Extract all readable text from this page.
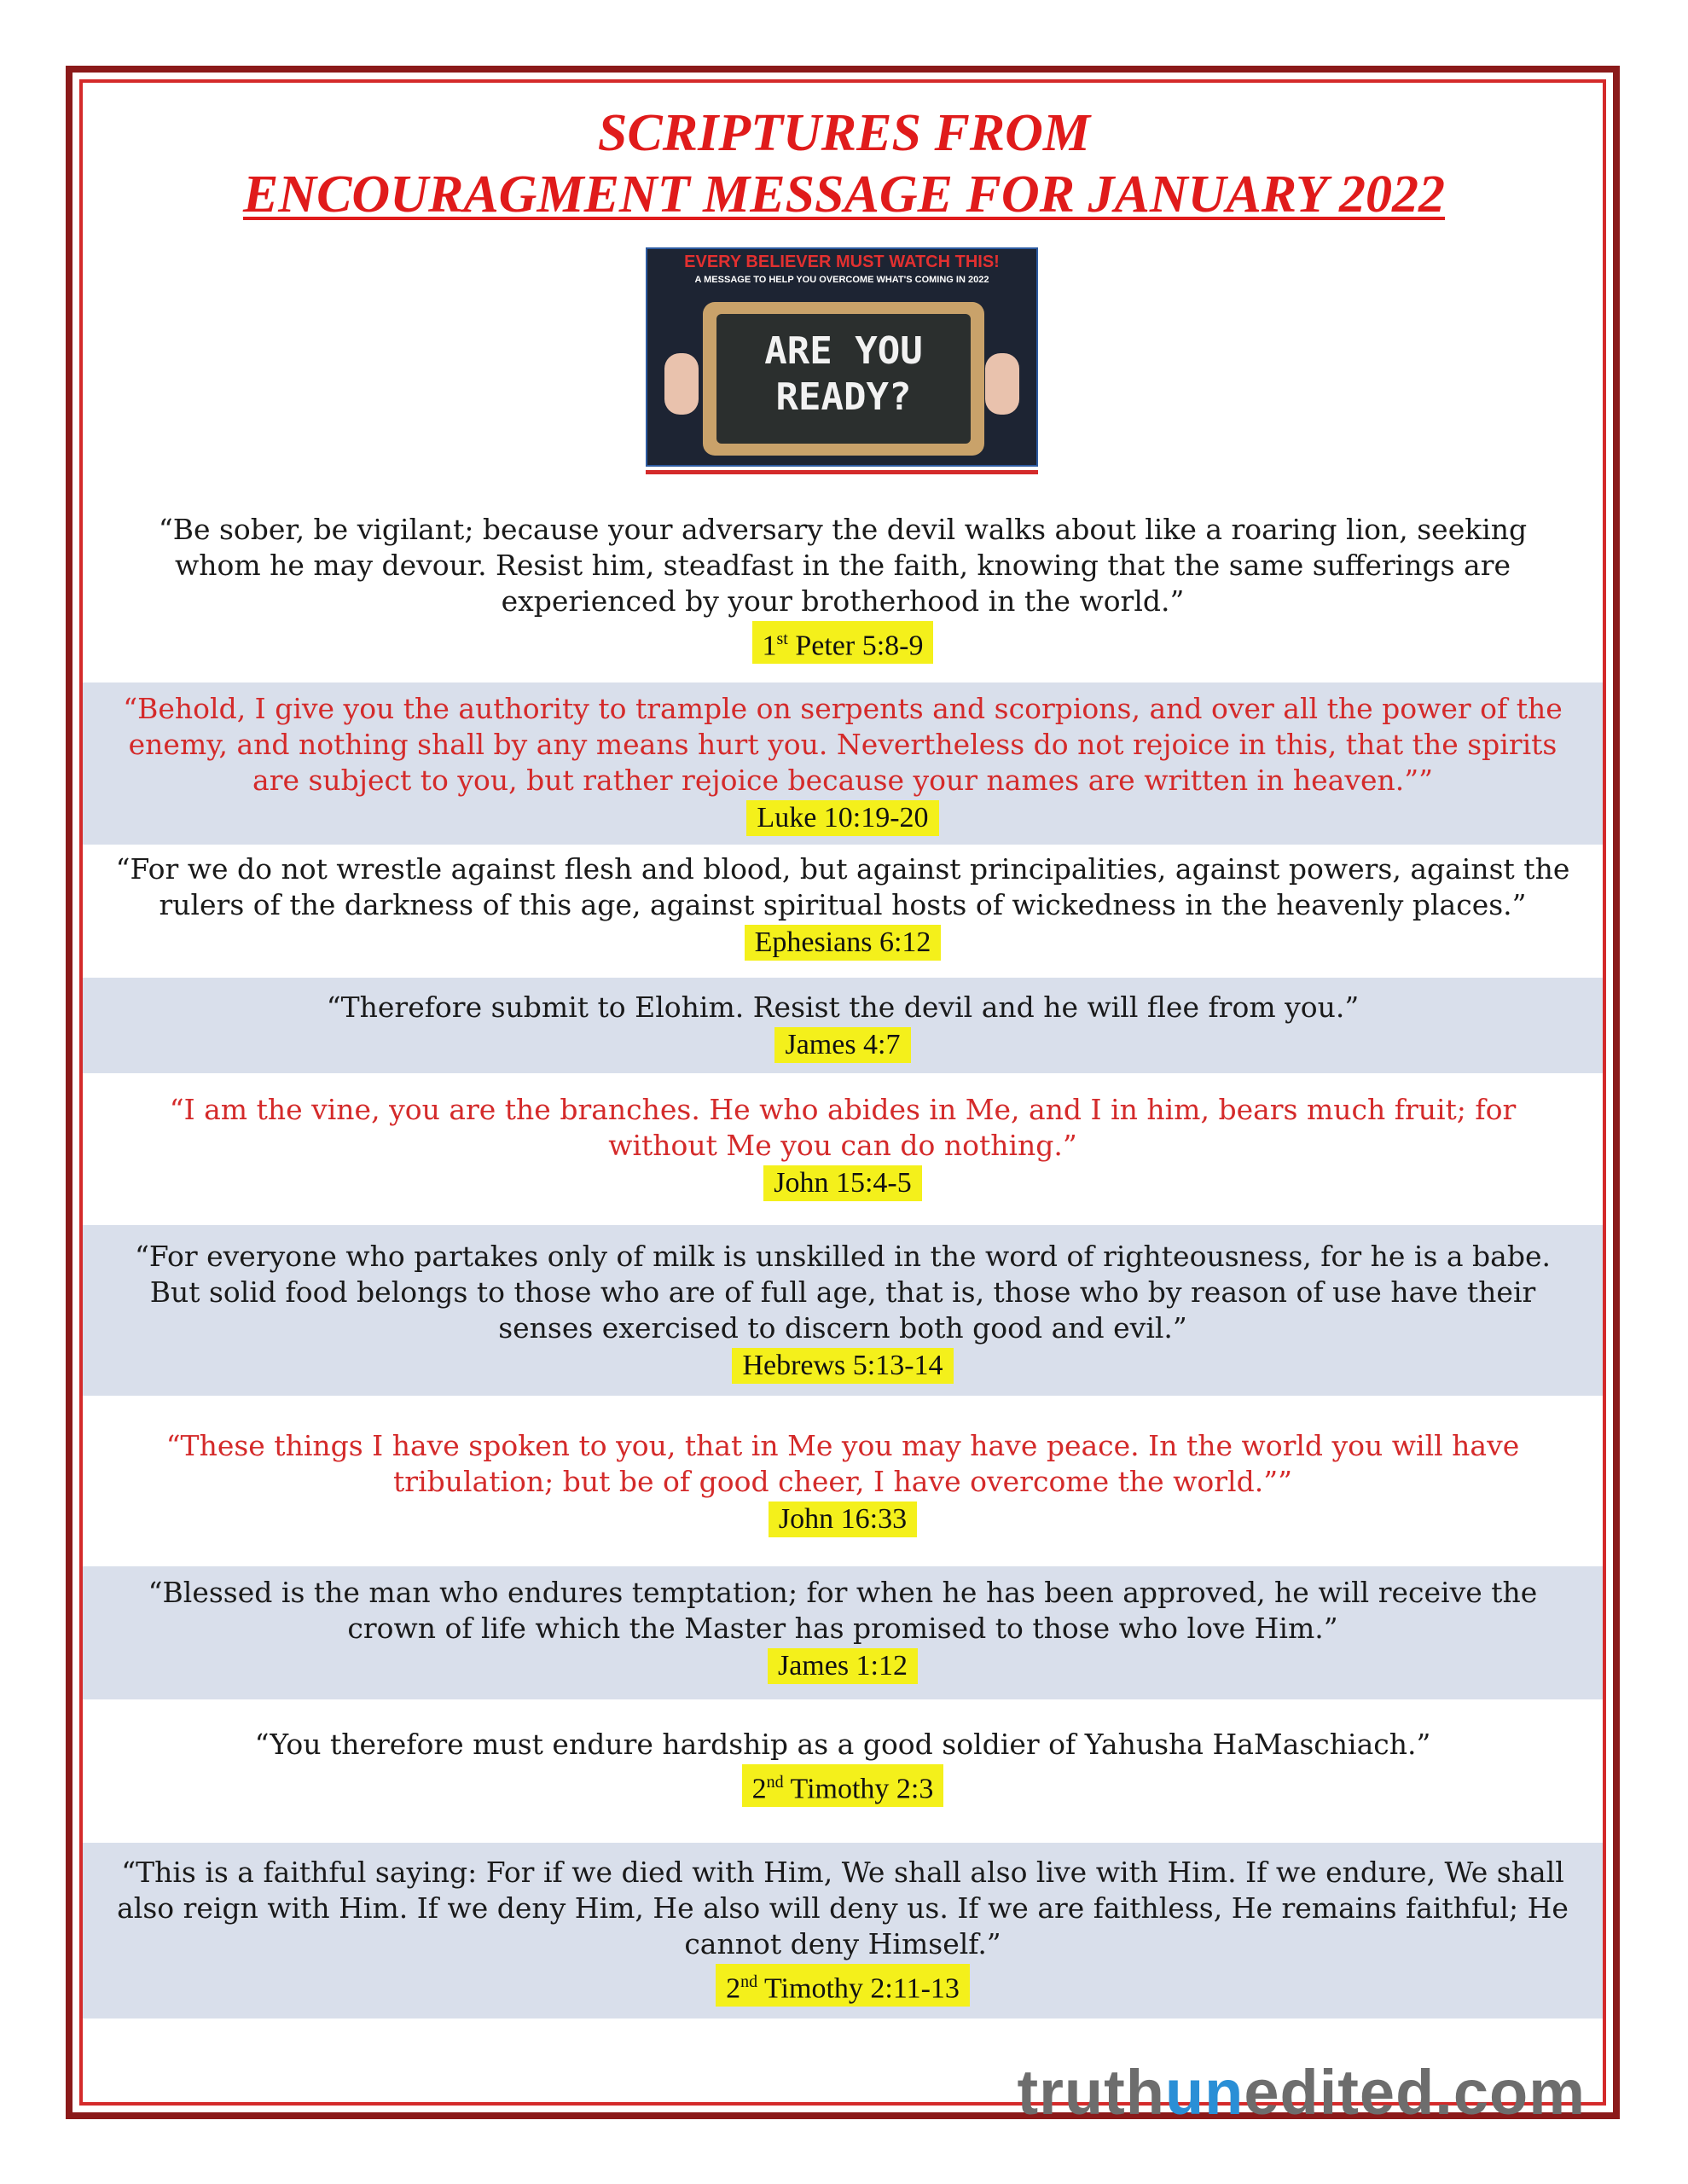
SCRIPTURES FROM
ENCOURAGMENT MESSAGE FOR JANUARY 2022
EVERY BELIEVER MUST WATCH THIS!
A MESSAGE TO HELP YOU OVERCOME WHAT'S COMING IN 2022
ARE YOU
READY?
“Be sober, be vigilant; because your adversary the devil walks about like a roaring lion, seeking whom he may devour. Resist him, steadfast in the faith, knowing that the same sufferings are experienced by your brotherhood in the world.”
1st Peter 5:8-9
“Behold, I give you the authority to trample on serpents and scorpions, and over all the power of the enemy, and nothing shall by any means hurt you. Nevertheless do not rejoice in this, that the spirits are subject to you, but rather rejoice because your names are written in heaven.””
Luke 10:19-20
“For we do not wrestle against flesh and blood, but against principalities, against powers, against the rulers of the darkness of this age, against spiritual hosts of wickedness in the heavenly places.”
Ephesians 6:12
“Therefore submit to Elohim. Resist the devil and he will flee from you.”
James 4:7
“I am the vine, you are the branches. He who abides in Me, and I in him, bears much fruit; for without Me you can do nothing.”
John 15:4-5
“For everyone who partakes only of milk is unskilled in the word of righteousness, for he is a babe. But solid food belongs to those who are of full age, that is, those who by reason of use have their senses exercised to discern both good and evil.”
Hebrews 5:13-14
“These things I have spoken to you, that in Me you may have peace. In the world you will have tribulation; but be of good cheer, I have overcome the world.””
John 16:33
“Blessed is the man who endures temptation; for when he has been approved, he will receive the crown of life which the Master has promised to those who love Him.”
James 1:12
“You therefore must endure hardship as a good soldier of Yahusha HaMaschiach.”
2nd Timothy 2:3
“This is a faithful saying: For if we died with Him, We shall also live with Him. If we endure, We shall also reign with Him. If we deny Him, He also will deny us. If we are faithless, He remains faithful; He cannot deny Himself.”
2nd Timothy 2:11-13
truthunedited.com
